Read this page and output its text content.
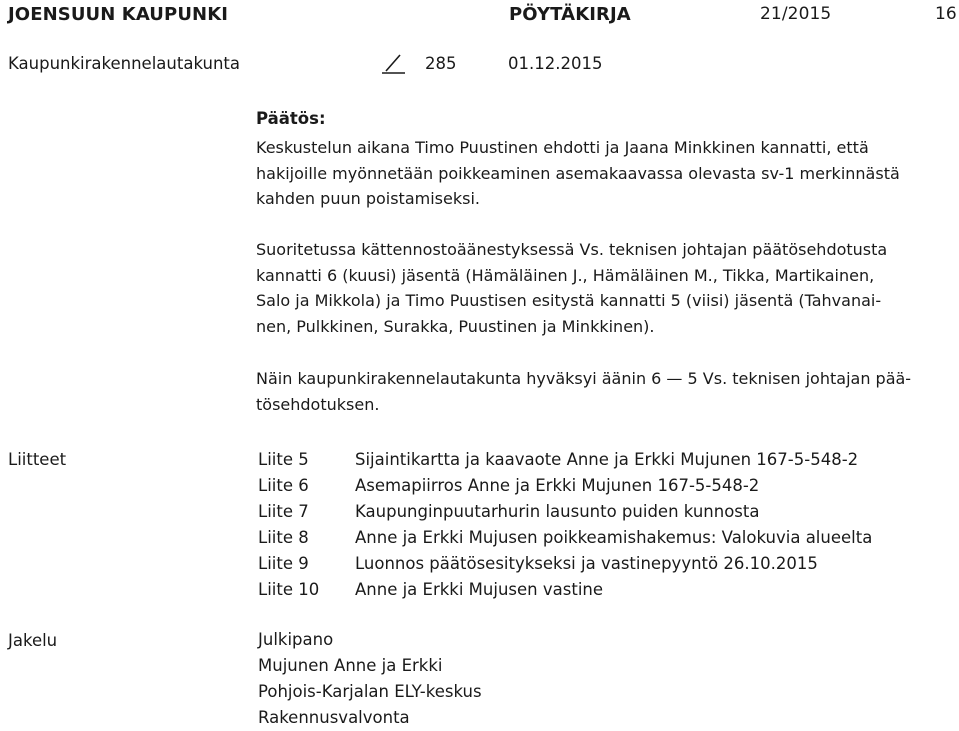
JOENSUUN KAUPUNKI	PÖYTÄKIRJA	21/2015	16
Kaupunkirakennelautakunta	285	01.12.2015
Päätös:

Keskustelun aikana Timo Puustinen ehdotti ja Jaana Minkkinen kannatti, että

hakijoille myönnetään poikkeaminen asemakaavassa olevasta sv-1 merkinnästä

kahden puun poistamiseksi.

Suoritetussa kättennostoäänestyksessä Vs. teknisen johtajan päätösehdotusta

kannatti 6 (kuusi) jäsentä (Hämäläinen J., Hämäläinen M., Tikka, Martikainen,

Salo ja Mikkola) ja Timo Puustisen esitystä kannatti 5 (viisi) jäsentä (Tahvanai-

nen, Pulkkinen, Surakka, Puustinen ja Minkkinen).

Näin kaupunkirakennelautakunta hyväksyi äänin 6 — 5 Vs. teknisen johtajan pää-

tösehdotuksen.

Liitteet	Liite 5	Sijaintikartta ja kaavaote Anne ja Erkki Mujunen 167-5-548-2
Liite 6	Asemapiirros Anne ja Erkki Mujunen 167-5-548-2
Liite 7	Kaupunginpuutarhurin lausunto puiden kunnosta
Liite 8	Anne ja Erkki Mujusen poikkeamishakemus: Valokuvia alueelta
Liite 9	Luonnos päätösesitykseksi ja vastinepyyntö 26.10.2015
Liite 10	Anne ja Erkki Mujusen vastine
Jakelu	Julkipano
Mujunen Anne ja Erkki
Pohjois-Karjalan ELY-keskus
Rakennusvalvonta
